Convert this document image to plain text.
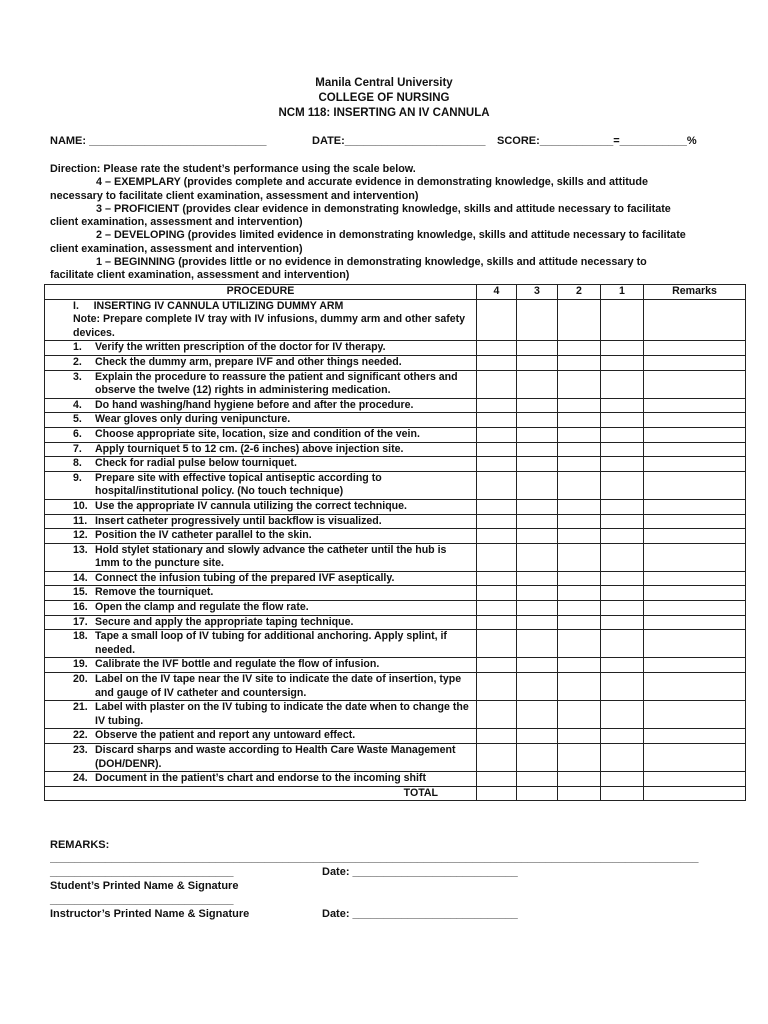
Manila Central University
COLLEGE OF NURSING
NCM 118: INSERTING AN IV CANNULA
NAME: _____________________________	DATE:_______________________ SCORE:____________=___________%

Direction: Please rate the student’s performance using the scale below.

4 – EXEMPLARY (provides complete and accurate evidence in demonstrating knowledge, skills and attitude

necessary to facilitate client examination, assessment and intervention)

3 – PROFICIENT (provides clear evidence in demonstrating knowledge, skills and attitude necessary to facilitate

client examination, assessment and intervention)

2 – DEVELOPING (provides limited evidence in demonstrating knowledge, skills and attitude necessary to facilitate

client examination, assessment and intervention)

1 – BEGINNING (provides little or no evidence in demonstrating knowledge, skills and attitude necessary to

facilitate client examination, assessment and intervention)

PROCEDURE	4	3	2	1	Remarks

I.     INSERTING IV CANNULA UTILIZING DUMMY ARM
Note: Prepare complete IV tray with IV infusions, dummy arm and other safety devices.					

1. Verify the written prescription of the doctor for IV therapy.					

2. Check the dummy arm, prepare IVF and other things needed.					

3. Explain the procedure to reassure the patient and significant others and observe the twelve (12) rights in administering medication.					

4. Do hand washing/hand hygiene before and after the procedure.					

5. Wear gloves only during venipuncture.					

6. Choose appropriate site, location, size and condition of the vein.					

7. Apply tourniquet 5 to 12 cm. (2-6 inches) above injection site.					

8. Check for radial pulse below tourniquet.					

9. Prepare site with effective topical antiseptic according to hospital/institutional policy. (No touch technique)					

10. Use the appropriate IV cannula utilizing the correct technique.					

11. Insert catheter progressively until backflow is visualized.					

12. Position the IV catheter parallel to the skin.					

13. Hold stylet stationary and slowly advance the catheter until the hub is 1mm to the puncture site.					

14. Connect the infusion tubing of the prepared IVF aseptically.					

15. Remove the tourniquet.					

16. Open the clamp and regulate the flow rate.					

17. Secure and apply the appropriate taping technique.					

18. Tape a small loop of IV tubing for additional anchoring. Apply splint, if needed.					

19. Calibrate the IVF bottle and regulate the flow of infusion.					

20. Label on the IV tape near the IV site to indicate the date of insertion, type and gauge of IV catheter and countersign.					

21. Label with plaster on the IV tubing to indicate the date when to change the IV tubing.					

22. Observe the patient and report any untoward effect.					

23. Discard sharps and waste according to Health Care Waste Management (DOH/DENR).					

24. Document in the patient’s chart and endorse to the incoming shift					

TOTAL					
REMARKS:
__________________________________________________________________________________________________________
______________________________
Student’s Printed Name & Signature
Date: ___________________________
______________________________
Instructor’s Printed Name & Signature	Date: ___________________________
